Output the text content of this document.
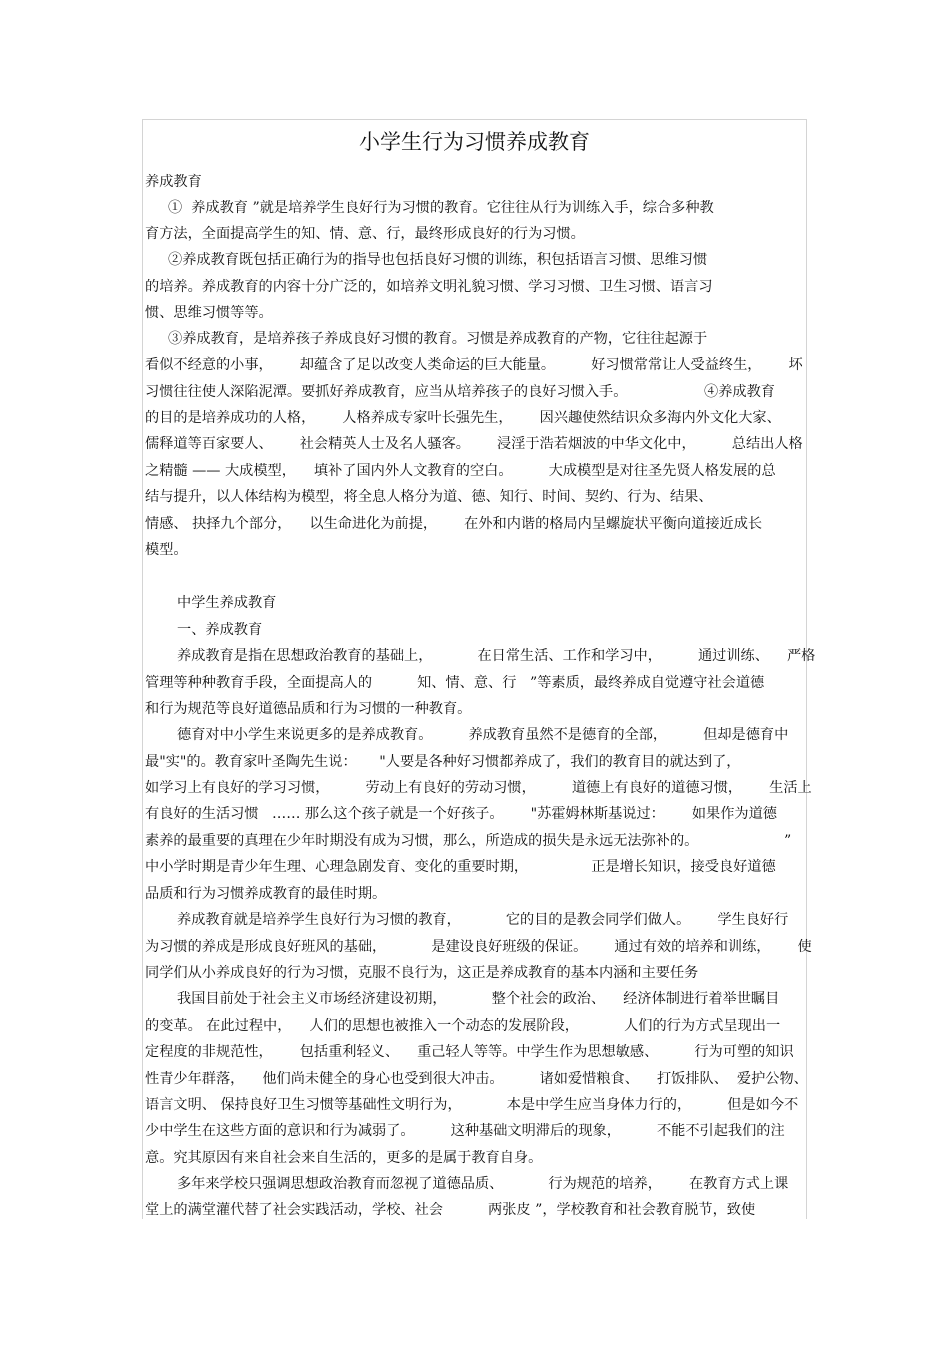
小学生行为习惯养成教育
养成教育
①  养成教育 ”就是培养学生良好行为习惯的教育。它往往从行为训练入手，综合多种教
育方法，全面提高学生的知、情、意、行，最终形成良好的行为习惯。
②养成教育既包括正确行为的指导也包括良好习惯的训练，积包括语言习惯、思维习惯
的培养。养成教育的内容十分广泛的，如培养文明礼貌习惯、学习习惯、卫生习惯、语言习
惯、思维习惯等等。
③养成教育，是培养孩子养成良好习惯的教育。习惯是养成教育的产物，它往往起源于
看似不经意的小事，      却蕴含了足以改变人类命运的巨大能量。        好习惯常常让人受益终生，      坏
习惯往往使人深陷泥潭。要抓好养成教育，应当从培养孩子的良好习惯入手。                 ④养成教育
的目的是培养成功的人格，      人格养成专家叶长强先生，      因兴趣使然结识众多海内外文化大家、
儒释道等百家要人、      社会精英人士及名人骚客。      浸淫于浩若烟波的中华文化中，        总结出人格
之精髓 —— 大成模型，    填补了国内外人文教育的空白。        大成模型是对往圣先贤人格发展的总
结与提升，以人体结构为模型，将全息人格分为道、德、知行、时间、契约、行为、结果、
情感、 抉择九个部分，    以生命进化为前提，      在外和内谐的格局内呈螺旋状平衡向道接近成长
模型。
中学生养成教育
一、养成教育
养成教育是指在思想政治教育的基础上，          在日常生活、工作和学习中，        通过训练、    严格
管理等种种教育手段，全面提高人的          知、情、意、行   ”等素质，最终养成自觉遵守社会道德
和行为规范等良好道德品质和行为习惯的一种教育。
德育对中小学生来说更多的是养成教育。        养成教育虽然不是德育的全部，        但却是德育中
最"实"的。教育家叶圣陶先生说：     "人要是各种好习惯都养成了，我们的教育目的就达到了，
如学习上有良好的学习习惯，        劳动上有良好的劳动习惯，        道德上有良好的道德习惯，      生活上
有良好的生活习惯   …… 那么这个孩子就是一个好孩子。      "苏霍姆林斯基说过：      如果作为道德
素养的最重要的真理在少年时期没有成为习惯，那么，所造成的损失是永远无法弥补的。                   ”
中小学时期是青少年生理、心理急剧发育、变化的重要时期，              正是增长知识，接受良好道德
品质和行为习惯养成教育的最佳时期。
养成教育就是培养学生良好行为习惯的教育，          它的目的是教会同学们做人。      学生良好行
为习惯的养成是形成良好班风的基础，          是建设良好班级的保证。      通过有效的培养和训练，      使
同学们从小养成良好的行为习惯，克服不良行为，这正是养成教育的基本内涵和主要任务
我国目前处于社会主义市场经济建设初期，          整个社会的政治、    经济体制进行着举世瞩目
的变革。 在此过程中，    人们的思想也被推入一个动态的发展阶段，          人们的行为方式呈现出一
定程度的非规范性，      包括重利轻义、    重己轻人等等。中学生作为思想敏感、        行为可塑的知识
性青少年群落，    他们尚未健全的身心也受到很大冲击。        诸如爱惜粮食、    打饭排队、  爱护公物、
语言文明、 保持良好卫生习惯等基础性文明行为，          本是中学生应当身体力行的，        但是如今不
少中学生在这些方面的意识和行为减弱了。        这种基础文明滞后的现象，        不能不引起我们的注
意。究其原因有来自社会来自生活的，更多的是属于教育自身。
多年来学校只强调思想政治教育而忽视了道德品质、          行为规范的培养，      在教育方式上课
堂上的满堂灌代替了社会实践活动，学校、社会          两张皮 ”，学校教育和社会教育脱节，致使
